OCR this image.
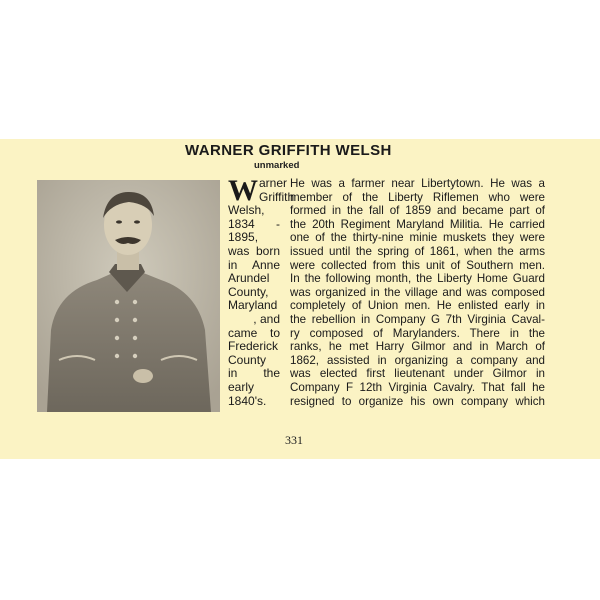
WARNER GRIFFITH WELSH
unmarked
W arner
Griffith
Welsh,
1834 -
1895,
was born
in Anne
Arundel
County,
Maryland
, and
came to
Frederick
County
in the
early
1840's.
He was a farmer near Libertytown. He was a
member of the Liberty Riflemen who were
formed in the fall of 1859 and became part of
the 20th Regiment Maryland Militia. He carried
one of the thirty-nine minie muskets they were
issued until the spring of 1861, when the arms
were collected from this unit of Southern men.
In the following month, the Liberty Home Guard
was organized in the village and was composed
completely of Union men. He enlisted early in
the rebellion in Company G 7th Virginia Caval-
ry composed of Marylanders. There in the
ranks, he met Harry Gilmor and in March of
1862, assisted in organizing a company and
was elected first lieutenant under Gilmor in
Company F 12th Virginia Cavalry. That fall he
resigned to organize his own company which
331
